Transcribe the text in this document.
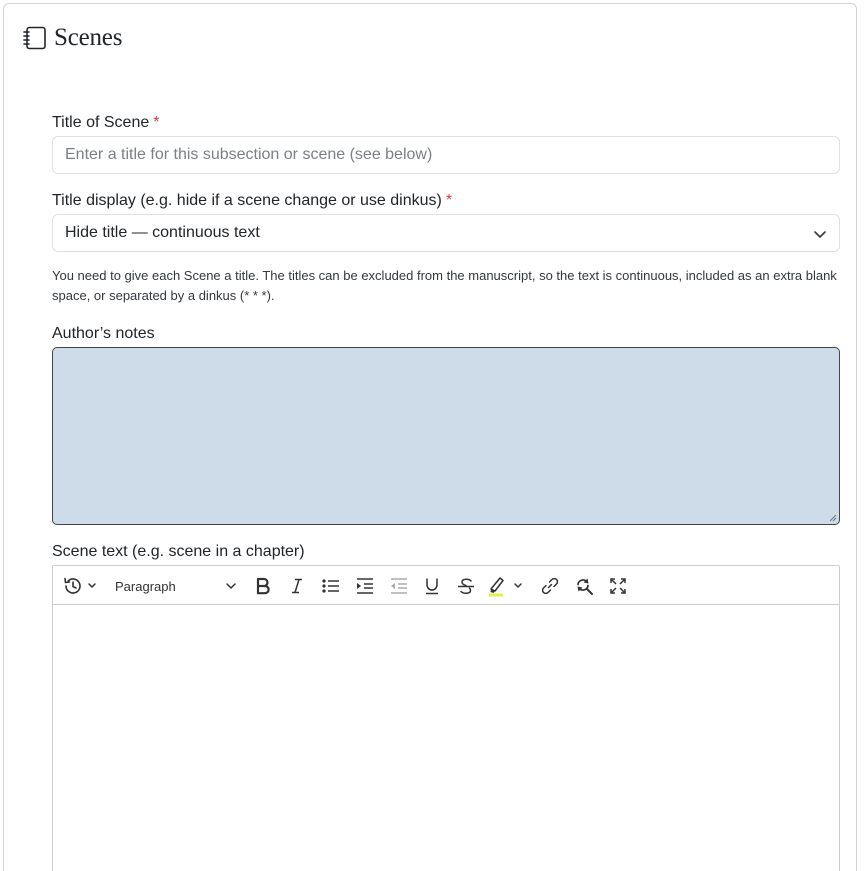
Scenes
Title of Scene *
Enter a title for this subsection or scene (see below)
Title display (e.g. hide if a scene change or use dinkus) *
Hide title — continuous text
You need to give each Scene a title. The titles can be excluded from the manuscript, so the text is continuous, included as an extra blank space, or separated by a dinkus (* * *).
Author’s notes
Scene text (e.g. scene in a chapter)
Paragraph
